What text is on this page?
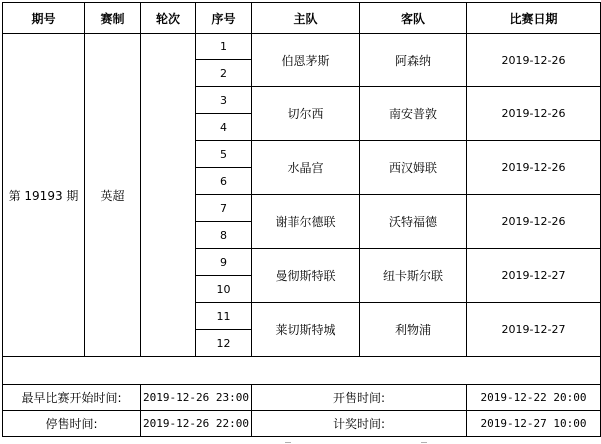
期号	赛制	轮次	序号	主队	客队	比赛日期
第 19193 期	英超		1	伯恩茅斯	阿森纳	2019-12-26
			2			
			3	切尔西	南安普敦	2019-12-26
			4			
			5	水晶宫	西汉姆联	2019-12-26
			6			
			7	谢菲尔德联	沃特福德	2019-12-26
			8			
			9	曼彻斯特联	纽卡斯尔联	2019-12-27
			10			
			11	莱切斯特城	利物浦	2019-12-27
			12			

最早比赛开始时间:		2019-12-26 23:00		开售时间:		2019-12-22 20:00
停售时间:		2019-12-26 22:00		计奖时间:		2019-12-27 10:00
